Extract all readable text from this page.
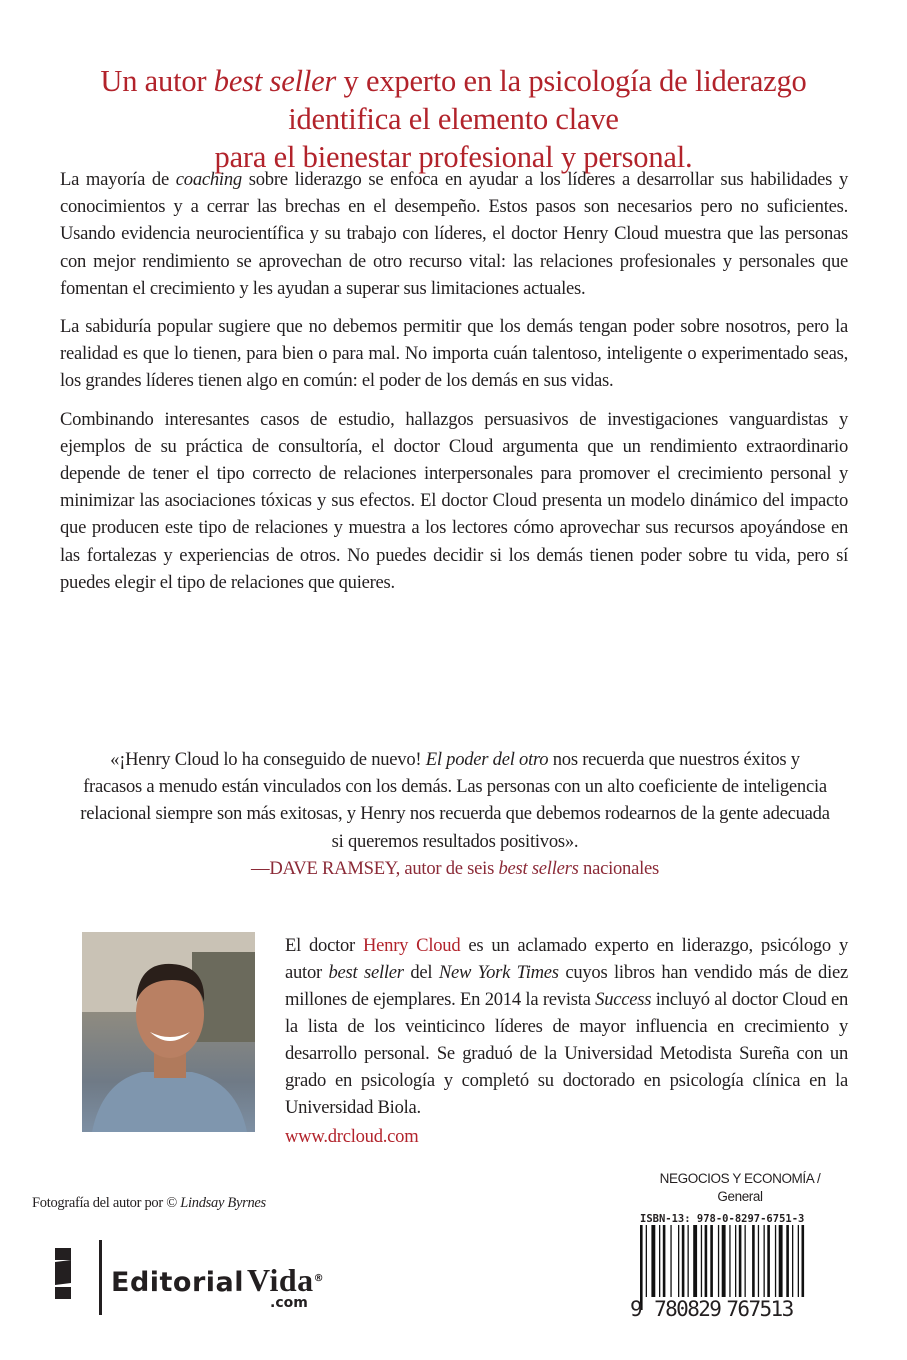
Un autor best seller y experto en la psicología de liderazgo
identifica el elemento clave
para el bienestar profesional y personal.

La mayoría de coaching sobre liderazgo se enfoca en ayudar a los líderes a desarrollar sus habilidades y conocimientos y a cerrar las brechas en el desempeño. Estos pasos son necesarios pero no suficientes. Usando evidencia neurocientífica y su trabajo con líderes, el doctor Henry Cloud muestra que las personas con mejor rendimiento se aprovechan de otro recurso vital: las relaciones profesionales y personales que fomentan el crecimiento y les ayudan a superar sus limitaciones actuales.

La sabiduría popular sugiere que no debemos permitir que los demás tengan poder sobre nosotros, pero la realidad es que lo tienen, para bien o para mal. No importa cuán talentoso, inteligente o experimentado seas, los grandes líderes tienen algo en común: el poder de los demás en sus vidas.

Combinando interesantes casos de estudio, hallazgos persuasivos de investigaciones vanguardistas y ejemplos de su práctica de consultoría, el doctor Cloud argumenta que un rendimiento extraordinario depende de tener el tipo correcto de relaciones interpersonales para promover el crecimiento personal y minimizar las asociaciones tóxicas y sus efectos. El doctor Cloud presenta un modelo dinámico del impacto que producen este tipo de relaciones y muestra a los lectores cómo aprovechar sus recursos apoyándose en las fortalezas y experiencias de otros. No puedes decidir si los demás tienen poder sobre tu vida, pero sí puedes elegir el tipo de relaciones que quieres.

«¡Henry Cloud lo ha conseguido de nuevo! El poder del otro nos recuerda que nuestros éxitos y fracasos a menudo están vinculados con los demás. Las personas con un alto coeficiente de inteligencia relacional siempre son más exitosas, y Henry nos recuerda que debemos rodearnos de la gente adecuada si queremos resultados positivos».
—DAVE RAMSEY, autor de seis best sellers nacionales
El doctor Henry Cloud es un aclamado experto en liderazgo, psicólogo y autor best seller del New York Times cuyos libros han vendido más de diez millones de ejemplares. En 2014 la revista Success incluyó al doctor Cloud en la lista de los veinticinco líderes de mayor influencia en crecimiento y desarrollo personal. Se graduó de la Universidad Metodista Sureña con un grado en psicología y completó su doctorado en psicología clínica en la Universidad Biola.
www.drcloud.com
Fotografía del autor por © Lindsay Byrnes
EditorialVida®
.com
NEGOCIOS Y ECONOMÍA /
General
ISBN-13: 978-0-8297-6751-3
9 780829 767513
